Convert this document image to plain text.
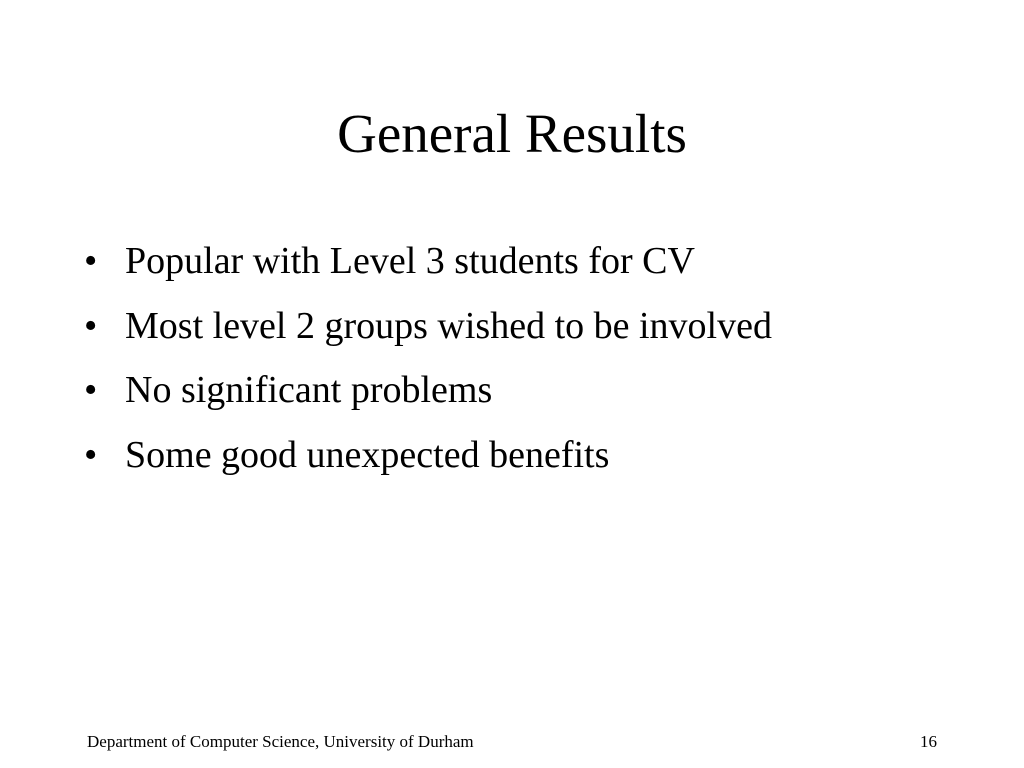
General Results
• Popular with Level 3 students for CV
• Most level 2 groups wished to be involved
• No significant problems
• Some good unexpected benefits
Department of Computer Science, University of Durham	16
